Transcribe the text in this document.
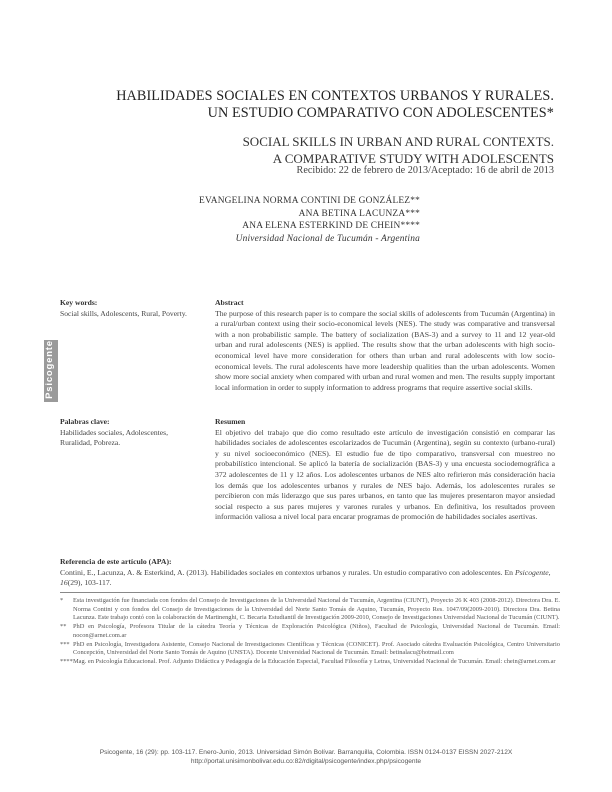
HABILIDADES SOCIALES EN CONTEXTOS URBANOS Y RURALES.
UN ESTUDIO COMPARATIVO CON ADOLESCENTES*
SOCIAL SKILLS IN URBAN AND RURAL CONTEXTS.
A COMPARATIVE STUDY WITH ADOLESCENTS
Recibido: 22 de febrero de 2013/Aceptado: 16 de abril de 2013
EVANGELINA NORMA CONTINI DE GONZÁLEZ**
ANA BETINA LACUNZA***
ANA ELENA ESTERKIND DE CHEIN****
Universidad Nacional de Tucumán - Argentina
Key words:
Social skills, Adolescents, Rural, Poverty.
Psicogente
Abstract
The purpose of this research paper is to compare the social skills of adolescents from Tucumán (Argentina) in a rural/urban context using their socio-economical levels (NES). The study was comparative and transversal with a non probabilistic sample. The battery of socialization (BAS-3) and a survey to 11 and 12 year-old urban and rural adolescents (NES) is applied. The results show that the urban adolescents with high socio-economical level have more consideration for others than urban and rural adolescents with low socio-economical levels. The rural adolescents have more leadership qualities than the urban adolescents. Women show more social anxiety when compared with urban and rural women and men. The results supply important local information in order to supply information to address programs that require assertive social skills.
Palabras clave:
Habilidades sociales, Adolescentes, Ruralidad, Pobreza.
Resumen
El objetivo del trabajo que dio como resultado este artículo de investigación consistió en comparar las habilidades sociales de adolescentes escolarizados de Tucumán (Argentina), según su contexto (urbano-rural) y su nivel socioeconómico (NES). El estudio fue de tipo comparativo, transversal con muestreo no probabilístico intencional. Se aplicó la batería de socialización (BAS-3) y una encuesta sociodemográfica a 372 adolescentes de 11 y 12 años. Los adolescentes urbanos de NES alto refirieron más consideración hacia los demás que los adolescentes urbanos y rurales de NES bajo. Además, los adolescentes rurales se percibieron con más liderazgo que sus pares urbanos, en tanto que las mujeres presentaron mayor ansiedad social respecto a sus pares mujeres y varones rurales y urbanos. En definitiva, los resultados proveen información valiosa a nivel local para encarar programas de promoción de habilidades sociales asertivas.
Referencia de este artículo (APA):
Contini, E., Lacunza, A. & Esterkind, A. (2013). Habilidades sociales en contextos urbanos y rurales. Un estudio comparativo con adolescentes. En Psicogente, 16(29), 103-117.
*	Esta investigación fue financiada con fondos del Consejo de Investigaciones de la Universidad Nacional de Tucumán, Argentina (CIUNT), Proyecto 26 K 403 (2008-2012). Directora Dra. E. Norma Contini y con fondos del Consejo de Investigaciones de la Universidad del Norte Santo Tomás de Aquino, Tucumán, Proyecto Res. 1047/09(2009-2010). Directora Dra. Betina Lacunza. Este trabajo contó con la colaboración de Martinenghi, C. Becaria Estudiantil de Investigación 2009-2010, Consejo de Investigaciones Universidad Nacional de Tucumán (CIUNT).
**	PhD en Psicología, Profesora Titular de la cátedra Teoría y Técnicas de Exploración Psicológica (Niños), Facultad de Psicología, Universidad Nacional de Tucumán. Email: nocon@arnet.com.ar
*** PhD en Psicología, Investigadora Asistente, Consejo Nacional de Investigaciones Científicas y Técnicas (CONICET). Prof. Asociado cátedra Evaluación Psicológica, Centro Universitario Concepción, Universidad del Norte Santo Tomás de Aquino (UNSTA). Docente Universidad Nacional de Tucumán. Email: betinalacu@hotmail.com
**** Mag. en Psicología Educacional. Prof. Adjunto Didáctica y Pedagogía de la Educación Especial, Facultad Filosofía y Letras, Universidad Nacional de Tucumán. Email: chein@arnet.com.ar
Psicogente, 16 (29): pp. 103-117. Enero-Junio, 2013. Universidad Simón Bolívar. Barranquilla, Colombia. ISSN 0124-0137 EISSN 2027-212X
http://portal.unisimonbolivar.edu.co:82/rdigital/psicogente/index.php/psicogente
